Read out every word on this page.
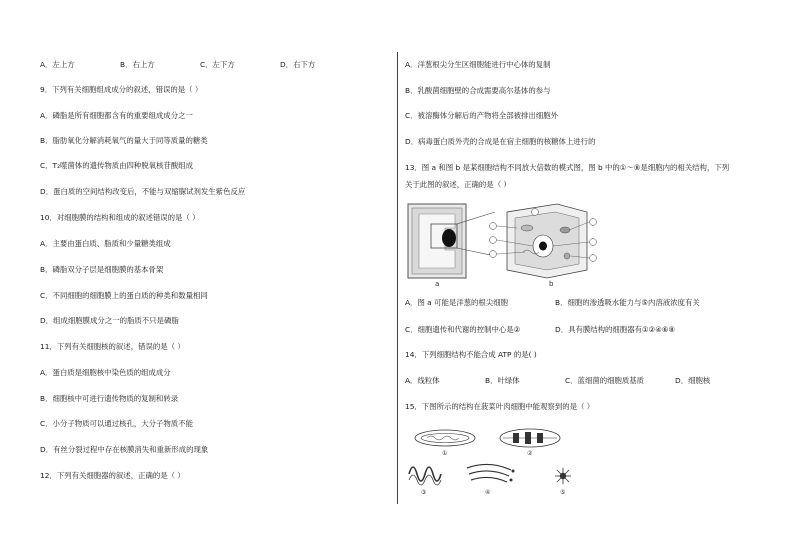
A．左上方	B．右上方	C．左下方	D．右下方
9．下列有关细胞组成成分的叙述，错误的是（ ）
A．磷脂是所有细胞都含有的重要组成成分之一
B．脂肪氧化分解消耗氧气的量大于同等质量的糖类
C．T₂噬菌体的遗传物质由四种脱氧核苷酸组成
D．蛋白质的空间结构改变后，不能与双缩脲试剂发生紫色反应
10．对细胞膜的结构和组成的叙述错误的是（ ）
A．主要由蛋白质、脂质和少量糖类组成
B．磷脂双分子层是细胞膜的基本骨架
C．不同细胞的细胞膜上的蛋白质的种类和数量相同
D．组成细胞膜成分之一的脂质不只是磷脂
11．下列有关细胞核的叙述，错误的是（ ）
A．蛋白质是细胞核中染色质的组成成分
B．细胞核中可进行遗传物质的复制和转录
C．小分子物质可以通过核孔，大分子物质不能
D．有丝分裂过程中存在核膜消失和重新形成的现象
12．下列有关细胞器的叙述，正确的是（ ）
A．洋葱根尖分生区细胞能进行中心体的复制
B．乳酸菌细胞壁的合成需要高尔基体的参与
C．被溶酶体分解后的产物将全部被排出细胞外
D．病毒蛋白质外壳的合成是在宿主细胞的核糖体上进行的
13．图 a 和图 b 是某细胞结构不同放大倍数的模式图，图 b 中的①～⑧是细胞内的相关结构，下列
关于此图的叙述，正确的是（ ）
a	b
A．图 a 可能是洋葱的根尖细胞	B．细胞的渗透吸水能力与⑤内溶液浓度有关
C．细胞遗传和代谢的控制中心是②	D．具有膜结构的细胞器有①②④⑥⑧
14．下列细胞结构不能合成 ATP 的是( )
A．线粒体	B．叶绿体	C．蓝细菌的细胞质基质	D．细胞核
15．下图所示的结构在菠菜叶肉细胞中能观察到的是（ ）
①	②
③	④	⑤
